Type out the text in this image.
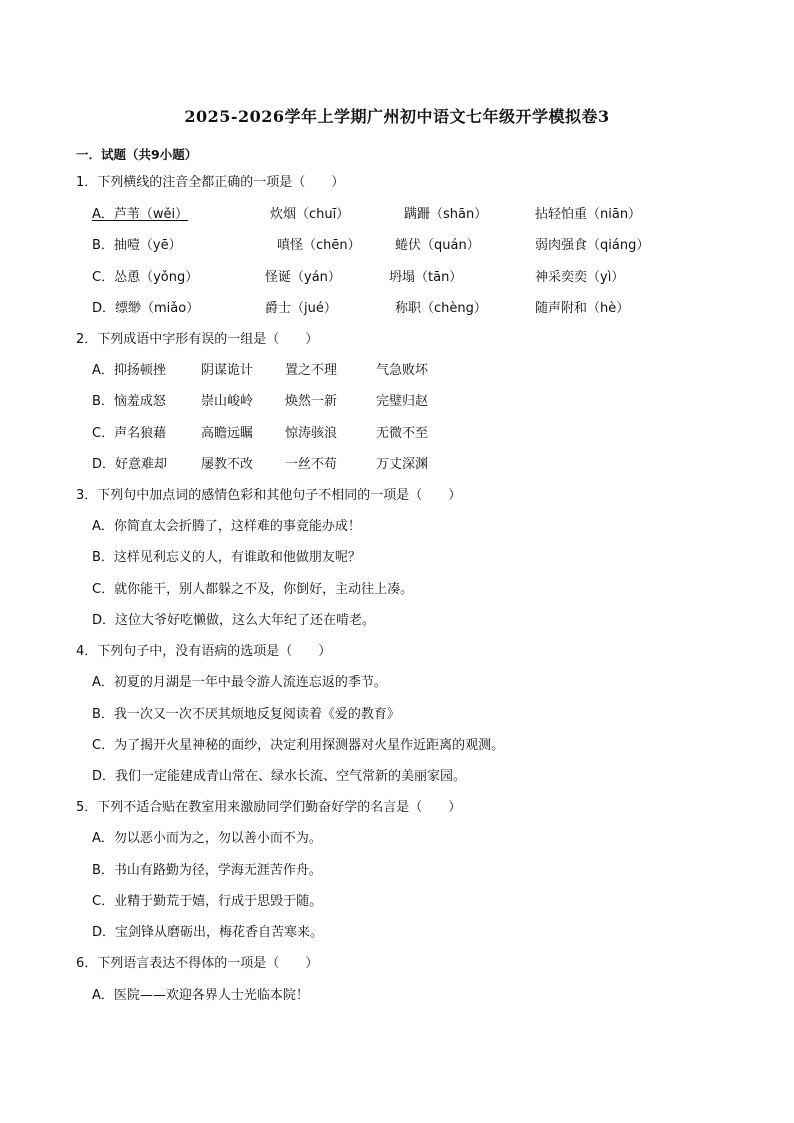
2025-2026学年上学期广州初中语文七年级开学模拟卷3
一．试题（共9小题）
1．下列横线的注音全都正确的一项是（　　）
A．芦苇（wěi）	炊烟（chuī）	蹒跚（shān）	拈轻怕重（niān）
B．抽噎（yē）	嗔怪（chēn）	蜷伏（quán）	弱肉强食（qiáng）
C．怂恿（yǒng）	怪诞（yán）	坍塌（tān）	神采奕奕（yì）
D．缥缈（miǎo）	爵士（jué）	称职（chèng）	随声附和（hè）
2．下列成语中字形有误的一组是（　　）
A．抑扬顿挫	阴谋诡计 置之不理	气急败坏
B．恼羞成怒	崇山峻岭 焕然一新	完璧归赵
C．声名狼藉	高瞻远瞩 惊涛骇浪	无微不至
D．好意难却	屡教不改 一丝不苟	万丈深渊
3．下列句中加点词的感情色彩和其他句子不相同的一项是（　　）
A．你简直太会折腾了，这样难的事竟能办成！
B．这样见利忘义的人，有谁敢和他做朋友呢？
C．就你能干，别人都躲之不及，你倒好，主动往上凑。
D．这位大爷好吃懒做，这么大年纪了还在啃老。
4．下列句子中，没有语病的选项是（　　）
A．初夏的月湖是一年中最令游人流连忘返的季节。
B．我一次又一次不厌其烦地反复阅读着《爱的教育》
C．为了揭开火星神秘的面纱，决定利用探测器对火星作近距离的观测。
D．我们一定能建成青山常在、绿水长流、空气常新的美丽家园。
5．下列不适合贴在教室用来激励同学们勤奋好学的名言是（　　）
A．勿以恶小而为之，勿以善小而不为。
B．书山有路勤为径，学海无涯苦作舟。
C．业精于勤荒于嬉，行成于思毁于随。
D．宝剑锋从磨砺出，梅花香自苦寒来。
6．下列语言表达不得体的一项是（　　）
A．医院——欢迎各界人士光临本院！
